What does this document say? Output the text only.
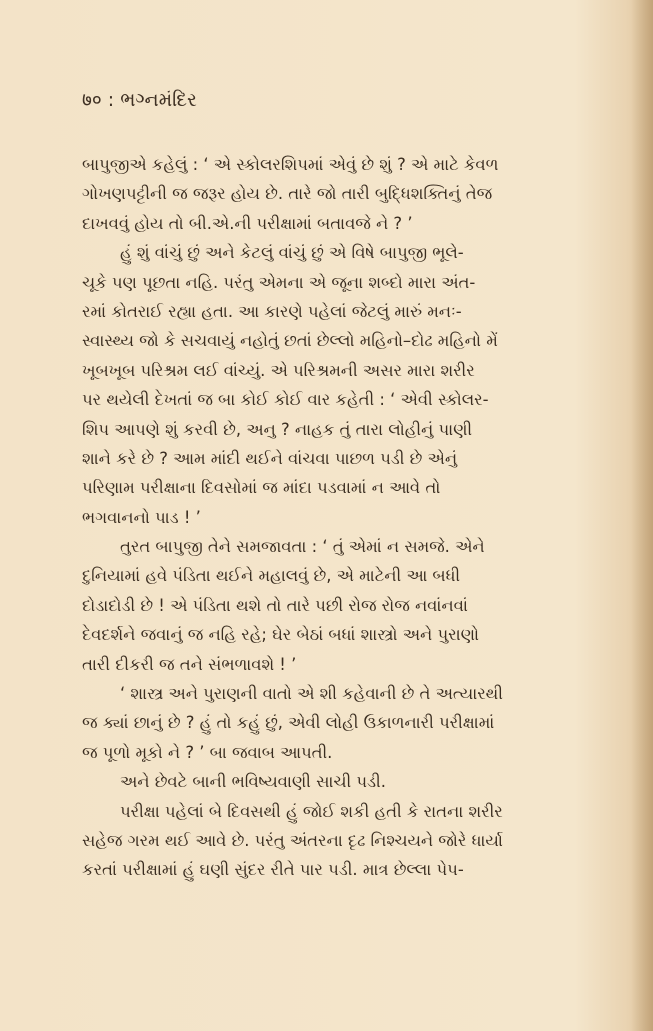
७० : ભગ્નમંદિર
બાપુજીએ કહેલું : ‘ એ સ્કોલરશિપમાં એવું છે શું ? એ માટે કેવળ
ગોખણપટ્ટીની જ જરૂર હોય છે. તારે જો તારી બુદ્ધિશક્તિનું તેજ
દાખવવું હોય તો બી.એ.ની પરીક્ષામાં બતાવજે ને ? ’
હું શું વાંચું છું અને કેટલું વાંચું છું એ વિષે બાપુજી ભૂલે-
ચૂકે પણ પૂછતા નહિ. પરંતુ એમના એ જૂના શબ્દો મારા અંત-
રમાં કોતરાઈ રહ્યા હતા. આ કારણે પહેલાં જેટલું મારું મનઃ-
સ્વાસ્થ્ય જો કે સચવાયું નહોતું છતાં છેલ્લો મહિનો–દોઢ મહિનો મેં
ખૂબખૂબ પરિશ્રમ લઈ વાંચ્યું. એ પરિશ્રમની અસર મારા શરીર
પર થયેલી દેખતાં જ બા કોઈ કોઈ વાર કહેતી : ‘ એવી સ્કોલર-
શિપ આપણે શું કરવી છે, અનુ ? નાહક તું તારા લોહીનું પાણી
શાને કરે છે ? આમ માંદી થઈને વાંચવા પાછળ પડી છે એનું
પરિણામ પરીક્ષાના દિવસોમાં જ માંદા પડવામાં ન આવે તો
ભગવાનનો પાડ ! ’
તુરત બાપુજી તેને સમજાવતા : ‘ તું એમાં ન સમજે. એને
દુનિયામાં હવે પંડિતા થઈને મહાલવું છે, એ માટેની આ બધી
દોડાદોડી છે ! એ પંડિતા થશે તો તારે પછી રોજ રોજ નવાંનવાં
દેવદર્શને જવાનું જ નહિ રહે; ઘેર બેઠાં બધાં શાસ્ત્રો અને પુરાણો
તારી દીકરી જ તને સંભળાવશે ! ’
‘ શાસ્ત્ર અને પુરાણની વાતો એ શી કહેવાની છે તે અત્યારથી
જ ક્યાં છાનું છે ? હું તો કહું છું, એવી લોહી ઉકાળનારી પરીક્ષામાં
જ પૂળો મૂકો ને ? ’ બા જવાબ આપતી.
અને છેવટે બાની ભવિષ્યવાણી સાચી પડી.
પરીક્ષા પહેલાં બે દિવસથી હું જોઈ શકી હતી કે રાતના શરીર
સહેજ ગરમ થઈ આવે છે. પરંતુ અંતરના દૃઢ નિશ્ચયને જોરે ધાર્યા
કરતાં પરીક્ષામાં હું ઘણી સુંદર રીતે પાર પડી. માત્ર છેલ્લા પેપ-
